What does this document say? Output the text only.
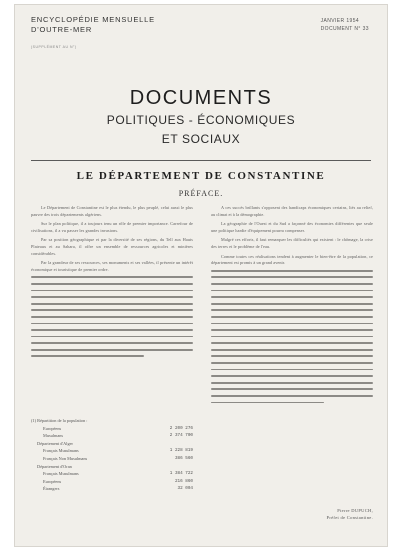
ENCYCLOPÉDIE MENSUELLE
D'OUTRE-MER
(SUPPLÉMENT AU N°)
JANVIER 1954
DOCUMENT N° 33
DOCUMENTS
POLITIQUES - ÉCONOMIQUES
ET SOCIAUX
LE DÉPARTEMENT DE CONSTANTINE
PRÉFACE.

Le Département de Constantine est le plus étendu, le plus peuplé, celui aussi le plus pauvre des trois départements algériens.

Sur le plan politique, il a toujours tenu un rôle de premier importance. Carrefour de civilisations, il a vu passer les grandes invasions.

Par sa position géographique et par la diversité de ses régions, du Tell aux Hauts Plateaux et au Sahara, il offre un ensemble de ressources agricoles et minières considérables.

Par la grandeur de ses ressources, ses monuments et ses vallées, il présente un intérêt économique et touristique de premier ordre.

(1) Répartition de la population :
Européens	2 200 276
Musulmans	2 374 700
Département d'Alger
Français Musulmans	1 228 819
Français Non Musulmans	386 560
Département d'Oran
Français Musulmans	1 384 722
Européens	216 860
Étrangers	32 004

A ces succès brillants s'opposent des handicaps économiques certains, liés au relief, au climat et à la démographie.

La géographie de l'Ouest et du Sud a façonné des économies différentes que seule une politique hardie d'équipement pourra compenser.

Malgré ces efforts, il faut remarquer les difficultés qui existent : le chômage, la crise des terres et le problème de l'eau.

Comme toutes ces réalisations tendent à augmenter le bien-être de la population, ce département est promis à un grand avenir.

Pierre DUPUCH,
Préfet de Constantine.
